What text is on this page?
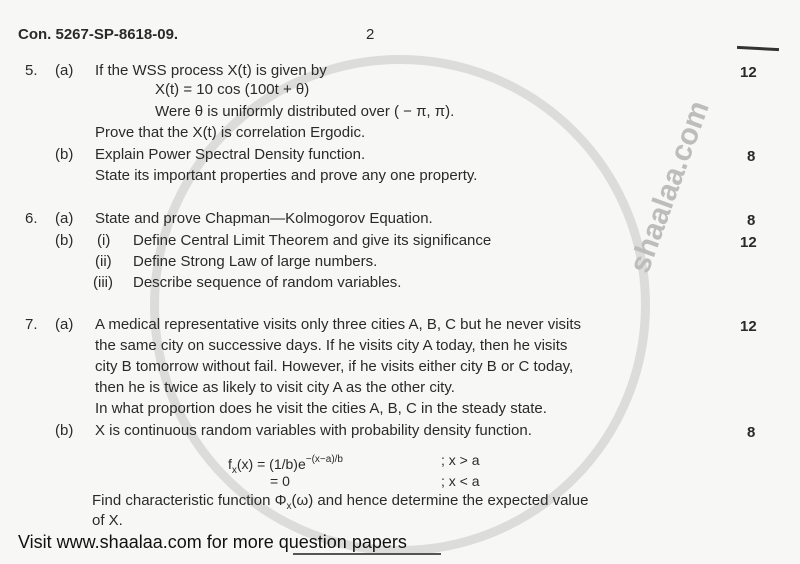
shaalaa.com
Con. 5267-SP-8618-09.	2
5. (a) If the WSS process X(t) is given by	12
X(t) = 10 cos (100t + θ)
Were θ is uniformly distributed over ( − π, π).
Prove that the X(t) is correlation Ergodic.
(b) Explain Power Spectral Density function.	8
State its important properties and prove any one property.
6. (a) State and prove Chapman—Kolmogorov Equation.	8
(b) (i) Define Central Limit Theorem and give its significance	12
(ii) Define Strong Law of large numbers.
(iii) Describe sequence of random variables.
7. (a) A medical representative visits only three cities A, B, C but he never visits	12
the same city on successive days. If he visits city A today, then he visits
city B tomorrow without fail. However, if he visits either city B or C today,
then he is twice as likely to visit city A as the other city.
In what proportion does he visit the cities A, B, C in the steady state.
(b) X is continuous random variables with probability density function.	8
$f_x(x) = (1/b)e^{-(x-a)/b}$	; x > a
= 0	; x < a
Find characteristic function $\Phi_x(\omega)$ and hence determine the expected value
of X.
Visit www.shaalaa.com for more question papers
